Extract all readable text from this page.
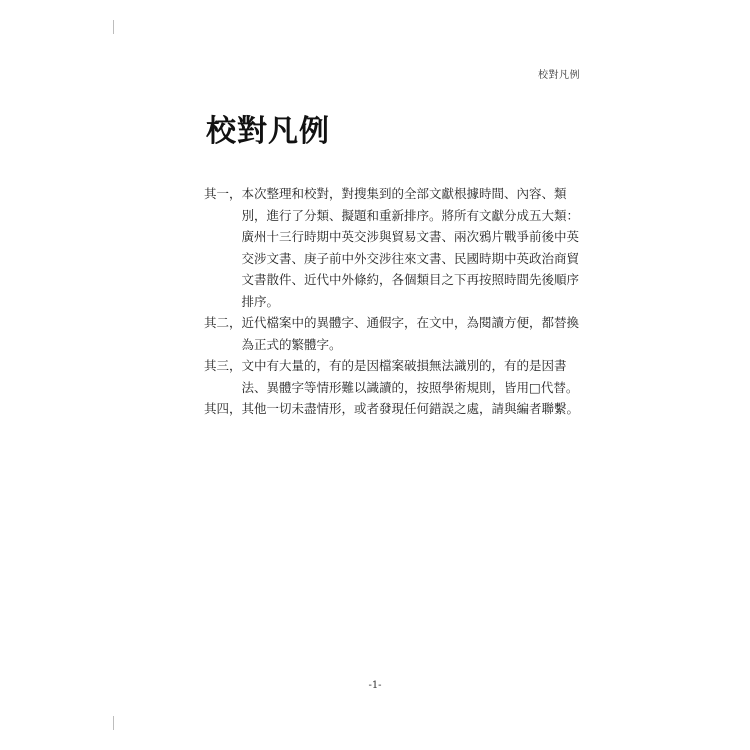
校對凡例
校對凡例
其一， 本次整理和校對，對搜集到的全部文獻根據時間、內容、類別，進行了分類、擬題和重新排序。將所有文獻分成五大類：廣州十三行時期中英交涉與貿易文書、兩次鴉片戰爭前後中英交涉文書、庚子前中外交涉往來文書、民國時期中英政治商貿文書散件、近代中外條約，各個類目之下再按照時間先後順序排序。
其二， 近代檔案中的異體字、通假字，在文中，為閱讀方便，都替換為正式的繁體字。
其三， 文中有大量的，有的是因檔案破損無法識別的，有的是因書法、異體字等情形難以識讀的，按照學術規則，皆用□代替。
其四， 其他一切未盡情形，或者發現任何錯誤之處，請與編者聯繫。
-1-
